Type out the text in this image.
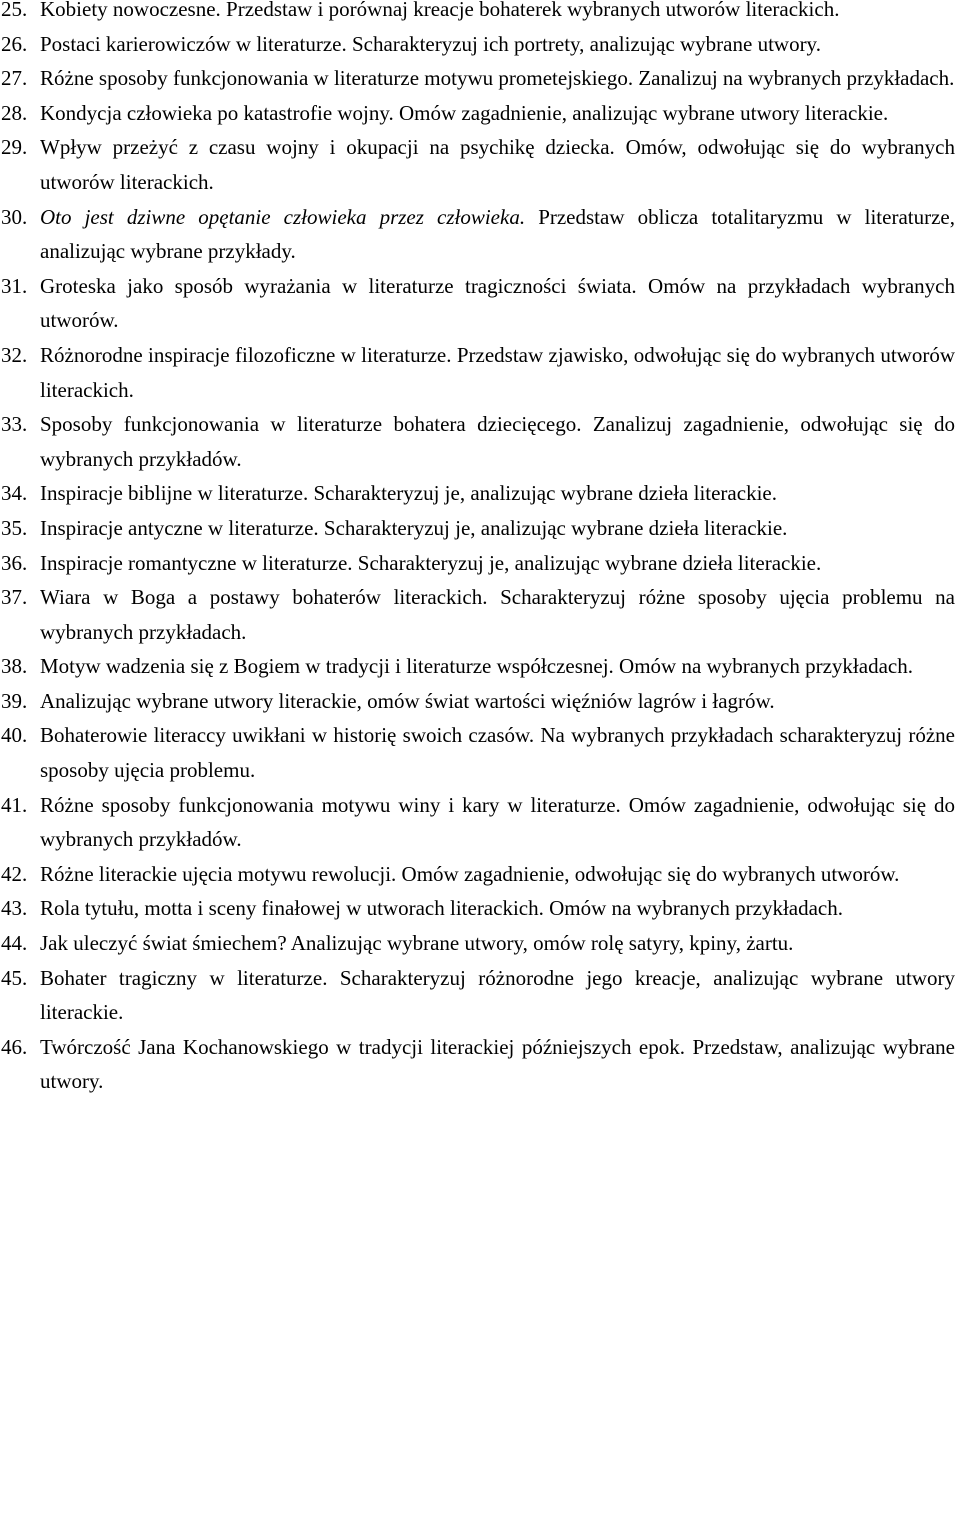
25. Kobiety nowoczesne. Przedstaw i porównaj kreacje bohaterek wybranych utworów literackich.

26. Postaci karierowiczów w literaturze. Scharakteryzuj ich portrety, analizując wybrane utwory.

27. Różne sposoby funkcjonowania w literaturze motywu prometejskiego. Zanalizuj na wybranych przykładach.

28. Kondycja człowieka po katastrofie wojny. Omów zagadnienie, analizując wybrane utwory literackie.

29. Wpływ przeżyć z czasu wojny i okupacji na psychikę dziecka. Omów, odwołując się do wybranych utworów literackich.

30. Oto jest dziwne opętanie człowieka przez człowieka. Przedstaw oblicza totalitaryzmu w literaturze, analizując wybrane przykłady.

31. Groteska jako sposób wyrażania w literaturze tragiczności świata. Omów na przykładach wybranych utworów.

32. Różnorodne inspiracje filozoficzne w literaturze. Przedstaw zjawisko, odwołując się do wybranych utworów literackich.

33. Sposoby funkcjonowania w literaturze bohatera dziecięcego. Zanalizuj zagadnienie, odwołując się do wybranych przykładów.

34. Inspiracje biblijne w literaturze. Scharakteryzuj je, analizując wybrane dzieła literackie.

35. Inspiracje antyczne w literaturze. Scharakteryzuj je, analizując wybrane dzieła literackie.

36. Inspiracje romantyczne w literaturze. Scharakteryzuj je, analizując wybrane dzieła literackie.

37. Wiara w Boga a postawy bohaterów literackich. Scharakteryzuj różne sposoby ujęcia problemu na wybranych przykładach.

38. Motyw wadzenia się z Bogiem w tradycji i literaturze współczesnej. Omów na wybranych przykładach.

39. Analizując wybrane utwory literackie, omów świat wartości więźniów lagrów i łagrów.

40. Bohaterowie literaccy uwikłani w historię swoich czasów. Na wybranych przykładach scharakteryzuj różne sposoby ujęcia problemu.

41. Różne sposoby funkcjonowania motywu winy i kary w literaturze. Omów zagadnienie, odwołując się do wybranych przykładów.

42. Różne literackie ujęcia motywu rewolucji. Omów zagadnienie, odwołując się do wybranych utworów.

43. Rola tytułu, motta i sceny finałowej w utworach literackich. Omów na wybranych przykładach.

44. Jak uleczyć świat śmiechem? Analizując wybrane utwory, omów rolę satyry, kpiny, żartu.

45. Bohater tragiczny w literaturze. Scharakteryzuj różnorodne jego kreacje, analizując wybrane utwory literackie.

46. Twórczość Jana Kochanowskiego w tradycji literackiej późniejszych epok. Przedstaw, analizując wybrane utwory.
